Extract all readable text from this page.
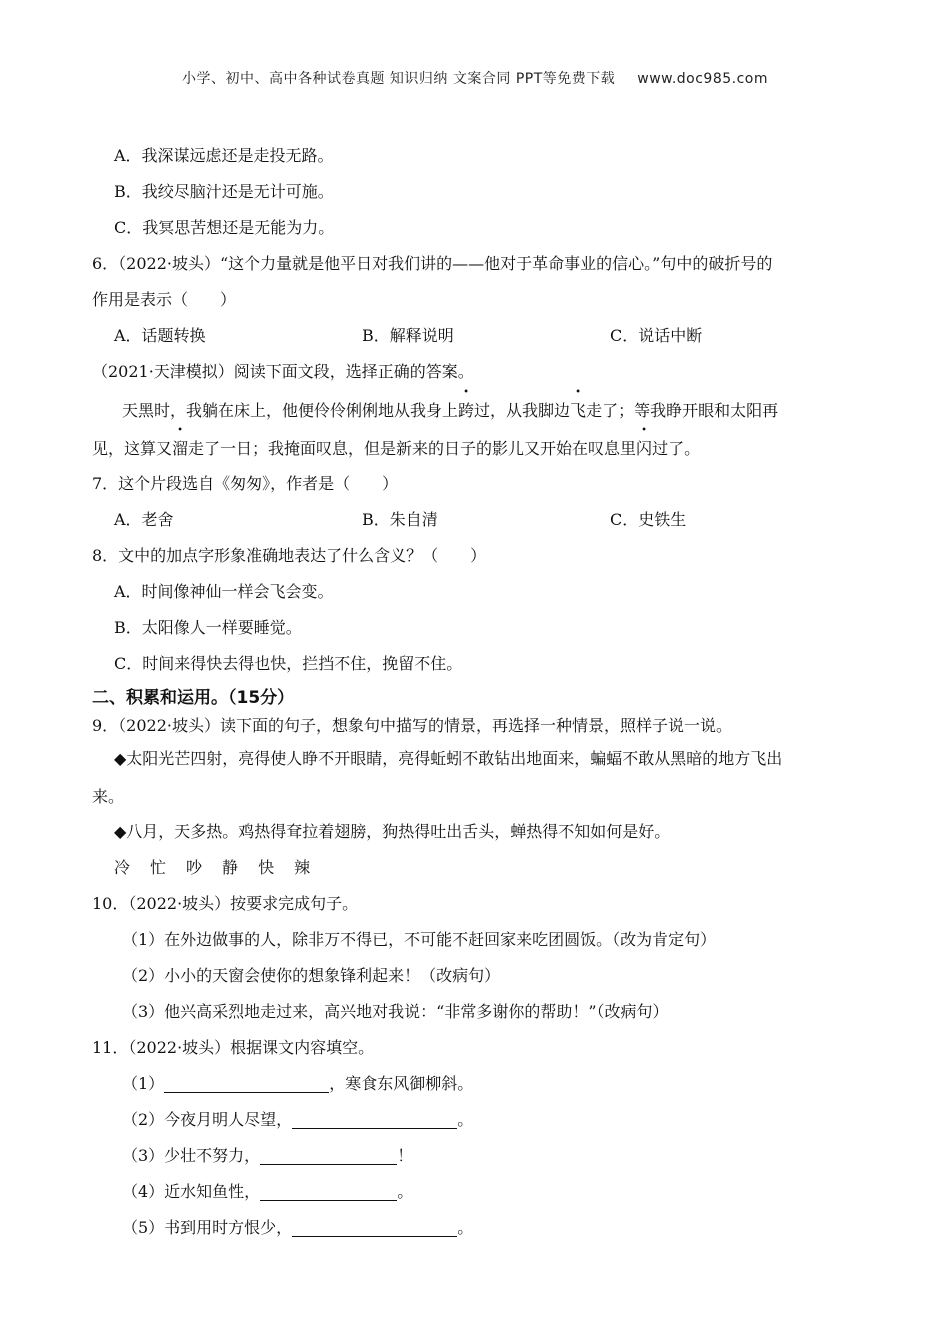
小学、初中、高中各种试卷真题 知识归纳 文案合同 PPT等免费下载 www.doc985.com
A．我深谋远虑还是走投无路。
B．我绞尽脑汁还是无计可施。
C．我冥思苦想还是无能为力。
6．（2022·坡头）“这个力量就是他平日对我们讲的——他对于革命事业的信心。”句中的破折号的
作用是表示（　　）
A．话题转换	B．解释说明	C．说话中断
（2021·天津模拟）阅读下面文段，选择正确的答案。
天黑时，我躺在床上，他便伶伶俐俐地从我身上跨过，从我脚边飞走了；等我睁开眼和太阳再
见，这算又溜走了一日；我掩面叹息，但是新来的日子的影儿又开始在叹息里闪过了。
7．这个片段选自《匆匆》，作者是（　　）
A．老舍	B．朱自清	C．史铁生
8．文中的加点字形象准确地表达了什么含义？（　　）
A．时间像神仙一样会飞会变。
B．太阳像人一样要睡觉。
C．时间来得快去得也快，拦挡不住，挽留不住。
二、积累和运用。（15分）
9．（2022·坡头）读下面的句子，想象句中描写的情景，再选择一种情景，照样子说一说。
◆太阳光芒四射，亮得使人睁不开眼睛，亮得蚯蚓不敢钻出地面来，蝙蝠不敢从黑暗的地方飞出
来。
◆八月，天多热。鸡热得耷拉着翅膀，狗热得吐出舌头，蝉热得不知如何是好。
冷 忙 吵 静 快 辣
10．（2022·坡头）按要求完成句子。
（1）在外边做事的人，除非万不得已，不可能不赶回家来吃团圆饭。（改为肯定句）
（2）小小的天窗会使你的想象锋利起来！（改病句）
（3）他兴高采烈地走过来，高兴地对我说：“非常多谢你的帮助！”（改病句）
11．（2022·坡头）根据课文内容填空。
（1）	，寒食东风御柳斜。
（2）今夜月明人尽望，	。
（3）少壮不努力，	！
（4）近水知鱼性，	。
（5）书到用时方恨少，	。
